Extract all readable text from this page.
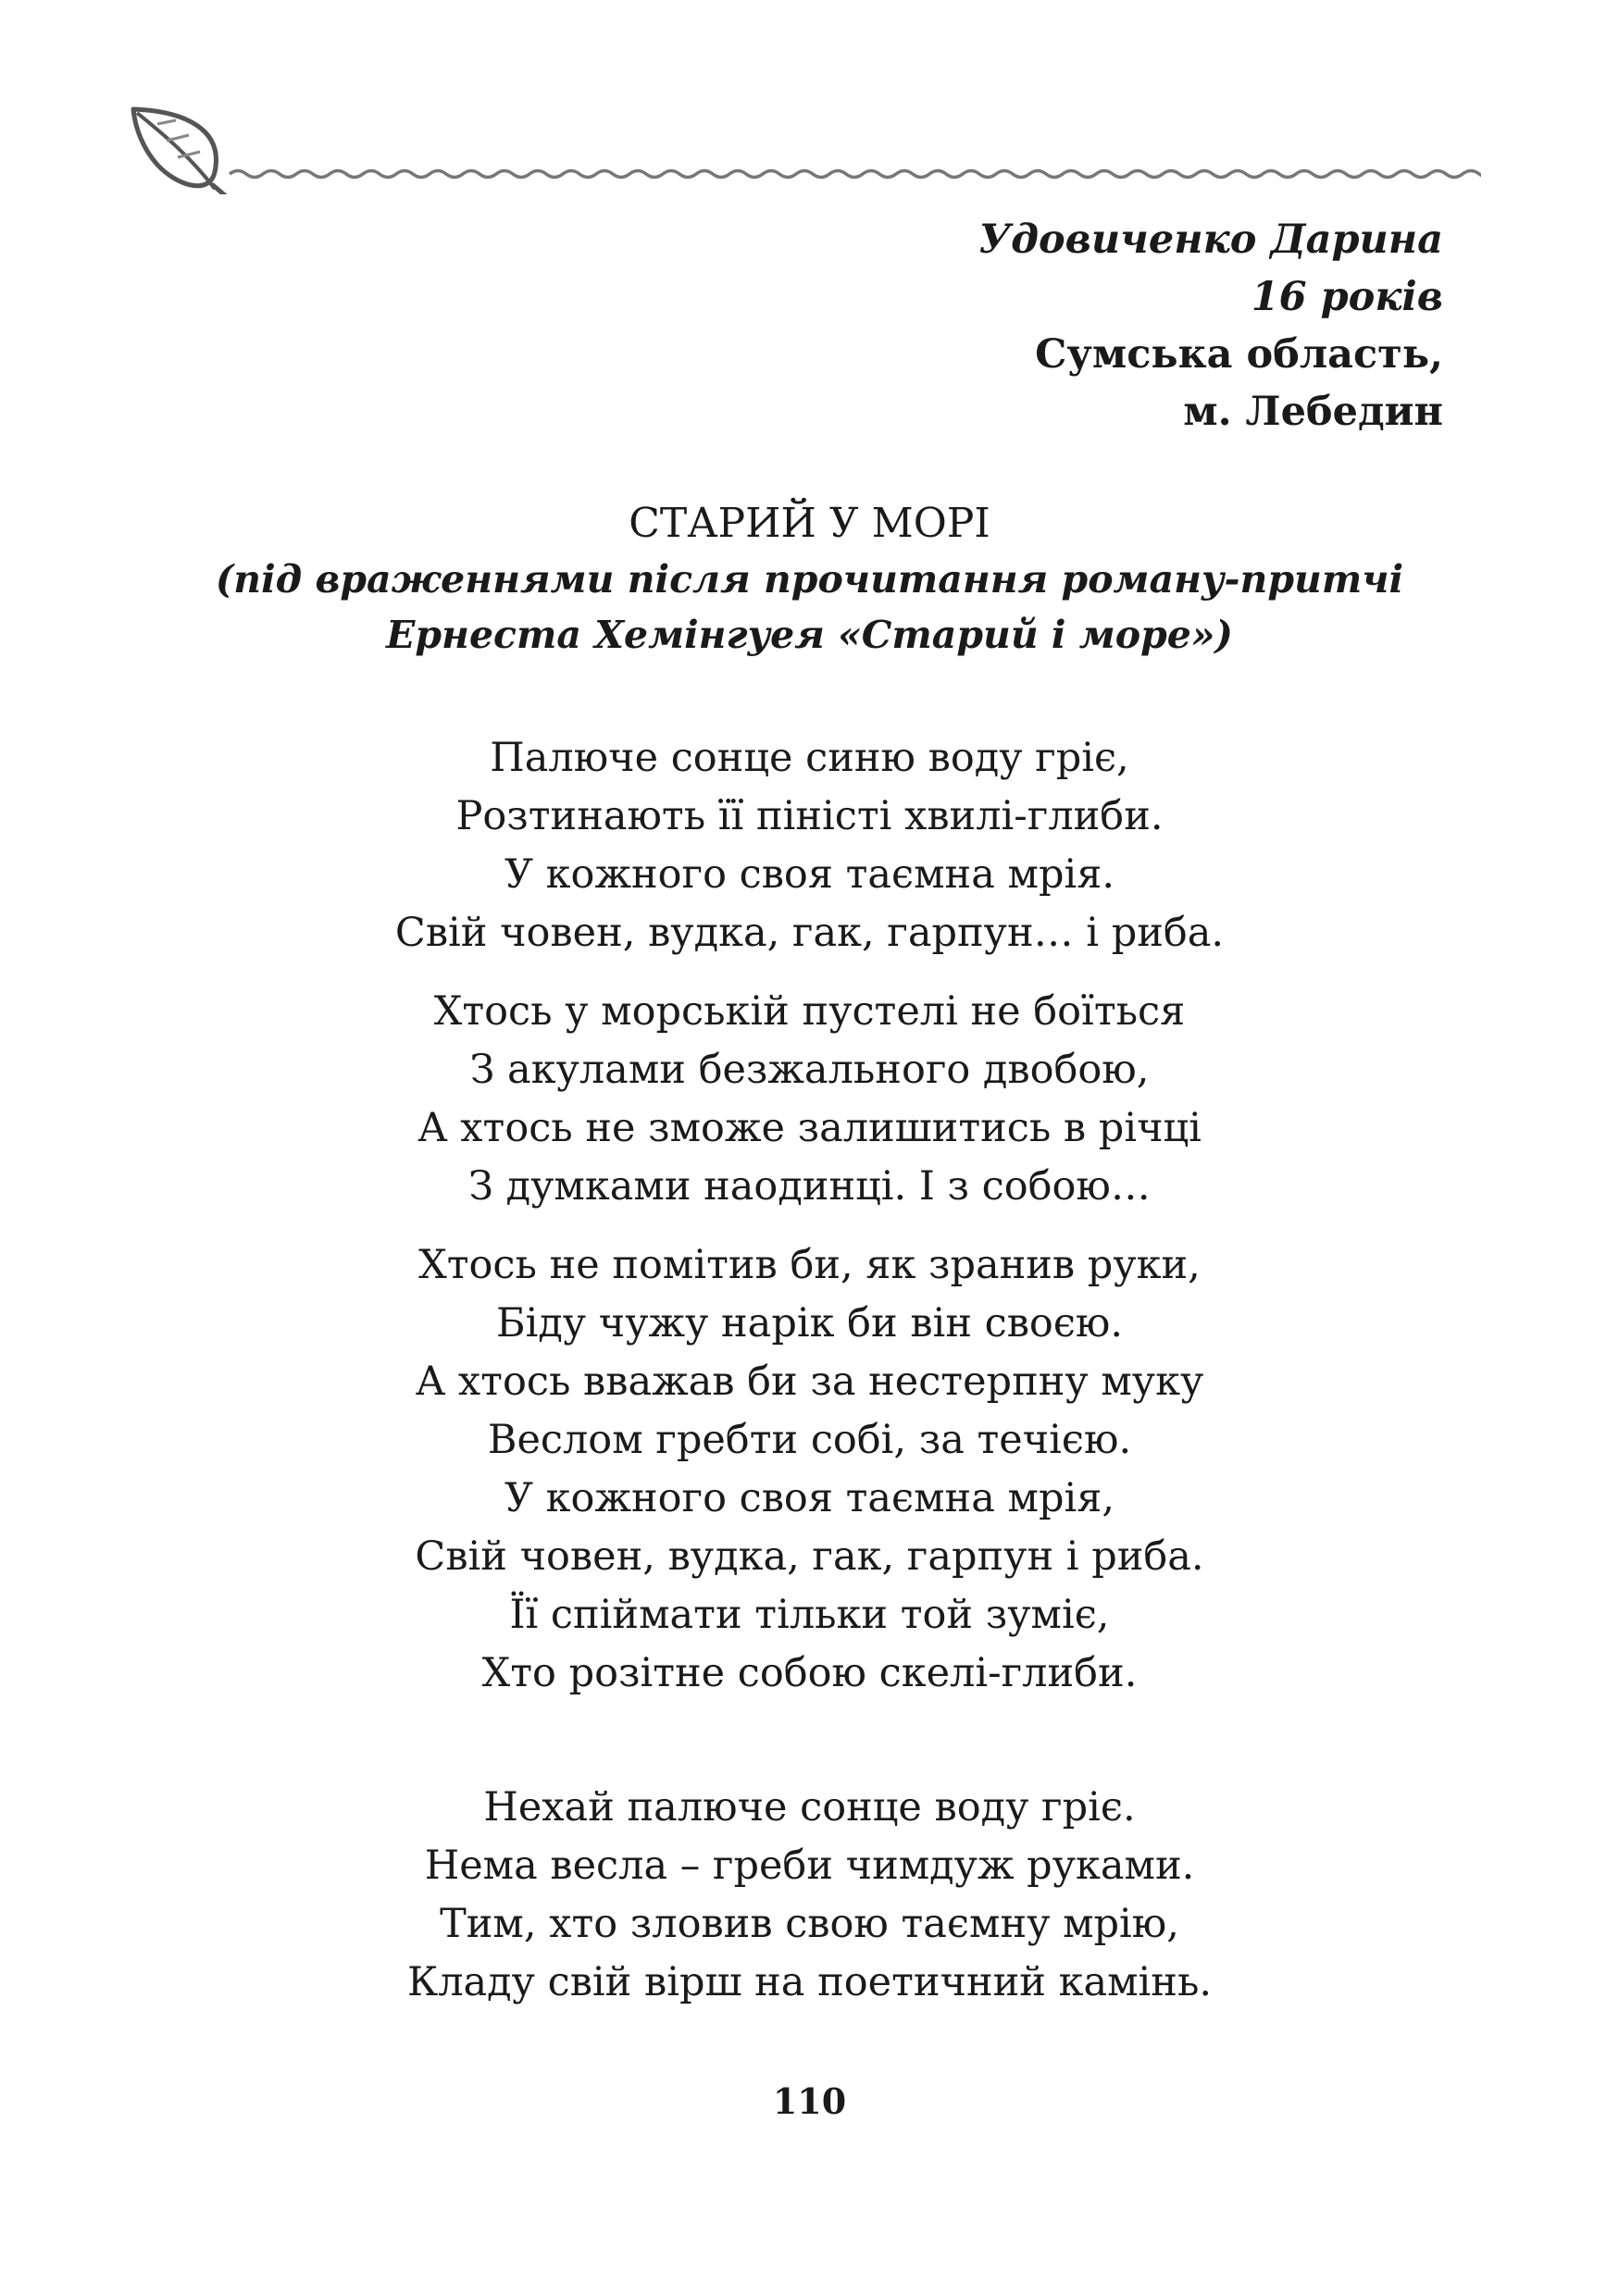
Удовиченко Дарина
16 років
Сумська область,
м. Лебедин
СТАРИЙ У МОРІ
(під враженнями після прочитання роману-притчі
Ернеста Хемінгуея «Старий і море»)
Палюче сонце синю воду гріє,
Розтинають її піністі хвилі-глиби.
У кожного своя таємна мрія.
Свій човен, вудка, гак, гарпун… і риба.
Хтось у морській пустелі не боїться
З акулами безжального двобою,
А хтось не зможе залишитись в річці
З думками наодинці. І з собою…
Хтось не помітив би, як зранив руки,
Біду чужу нарік би він своєю.
А хтось вважав би за нестерпну муку
Веслом гребти собі, за течією.
У кожного своя таємна мрія,
Свій човен, вудка, гак, гарпун і риба.
Її спіймати тільки той зуміє,
Хто розітне собою скелі-глиби.
Нехай палюче сонце воду гріє.
Нема весла – греби чимдуж руками.
Тим, хто зловив свою таємну мрію,
Кладу свій вірш на поетичний камінь.
110
